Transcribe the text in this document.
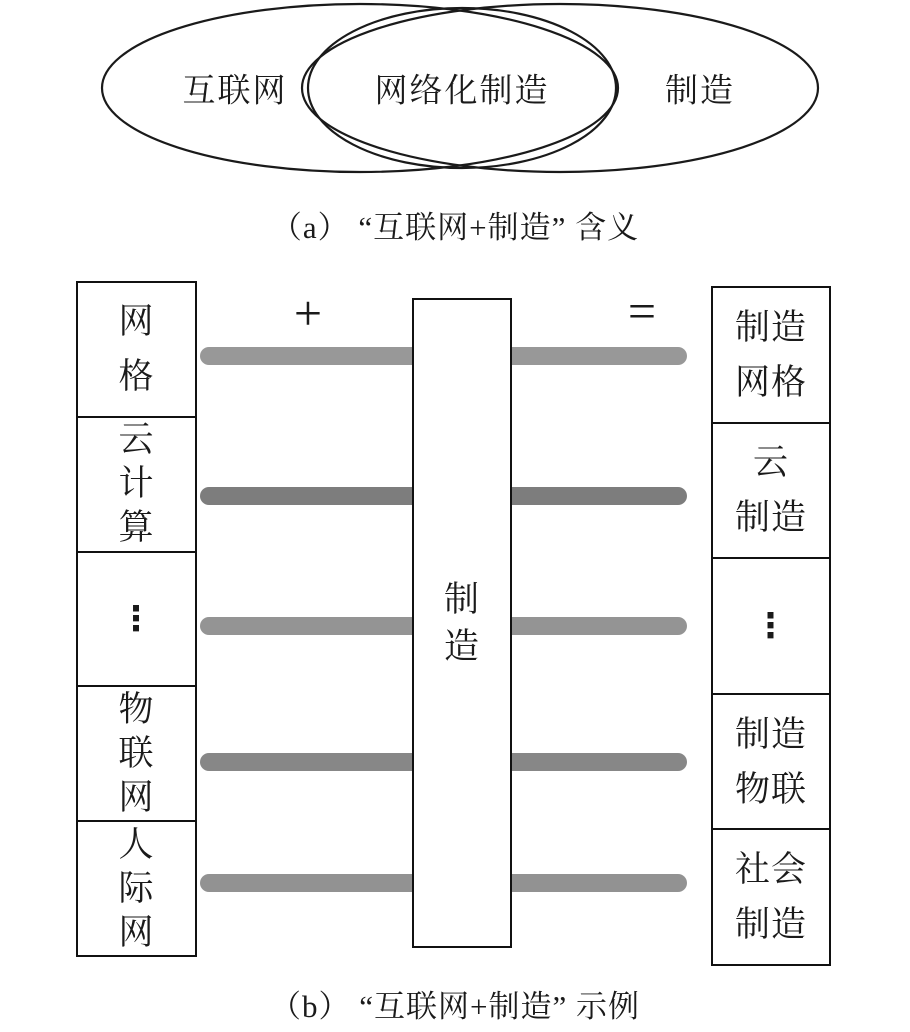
互联网	网络化制造	制造
（a） “互联网+制造” 含义
+	=
网
格
云
计
算
⋮
物
联
网
人
际
网
制
造
制造
网格
云
制造
⋮
制造
物联
社会
制造
（b） “互联网+制造” 示例
